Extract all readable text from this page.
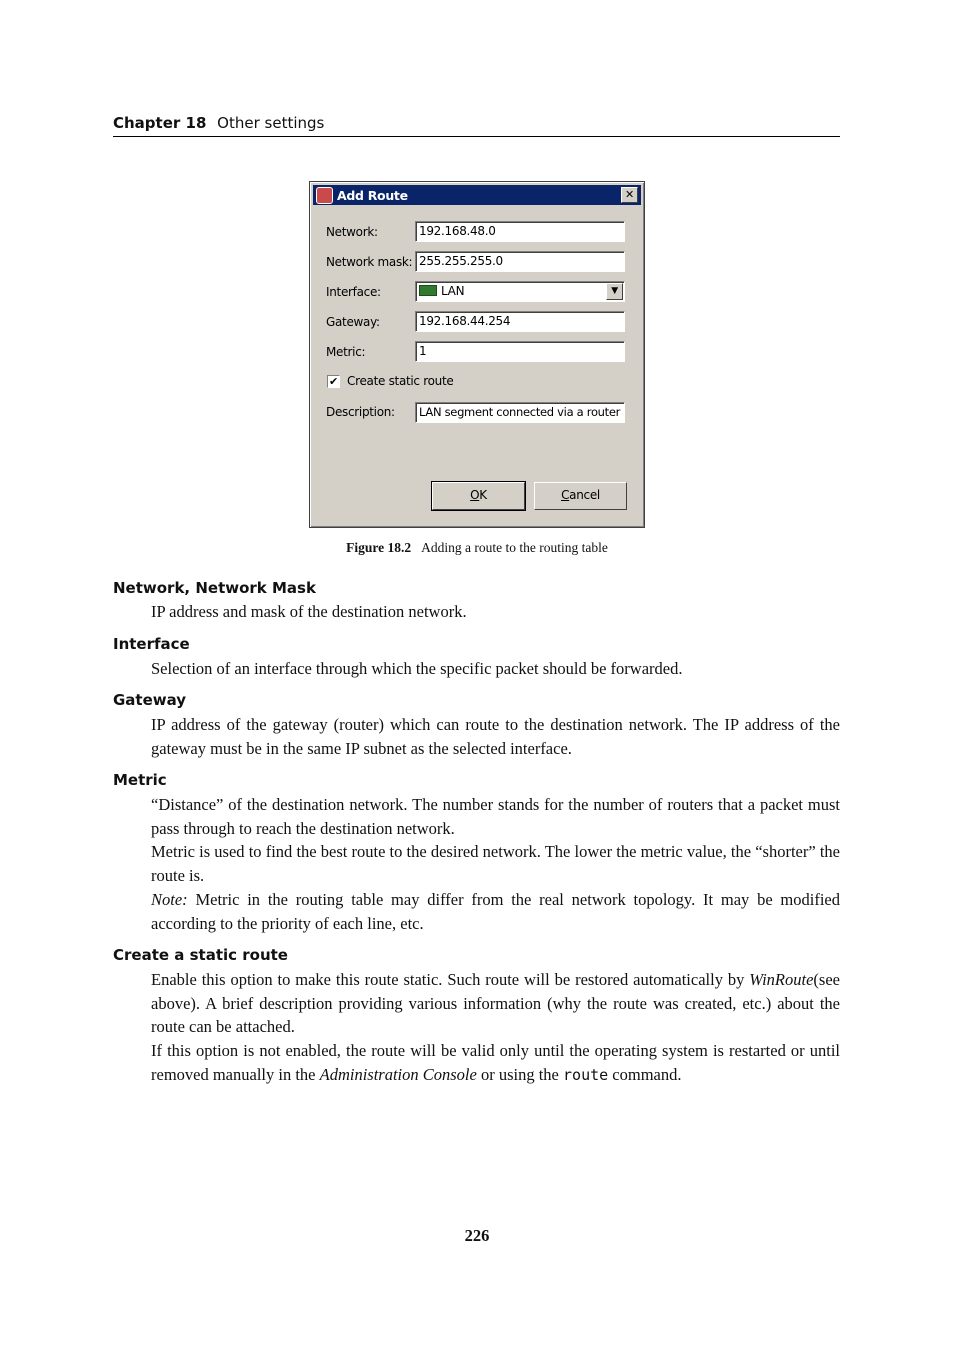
Chapter 18 Other settings
Add Route	✕
Network:	192.168.48.0
Network mask: 255.255.255.0
Interface:	LAN	▼
Gateway:	192.168.44.254
Metric:	1
✔ Create static route
Description:	LAN segment connected via a router
OK	Cancel
Figure 18.2 Adding a route to the routing table
Network, Network Mask

IP address and mask of the destination network.

Interface

Selection of an interface through which the specific packet should be forwarded.

Gateway

IP address of the gateway (router) which can route to the destination network. The IP address of the gateway must be in the same IP subnet as the selected interface.

Metric

“Distance” of the destination network. The number stands for the number of routers that a packet must pass through to reach the destination network.

Metric is used to find the best route to the desired network. The lower the metric value, the “shorter” the route is.

Note: Metric in the routing table may differ from the real network topology. It may be modified according to the priority of each line, etc.

Create a static route

Enable this option to make this route static. Such route will be restored automatically by WinRoute(see above). A brief description providing various information (why the route was created, etc.) about the route can be attached.

If this option is not enabled, the route will be valid only until the operating system is restarted or until removed manually in the Administration Console or using the route command.

226
